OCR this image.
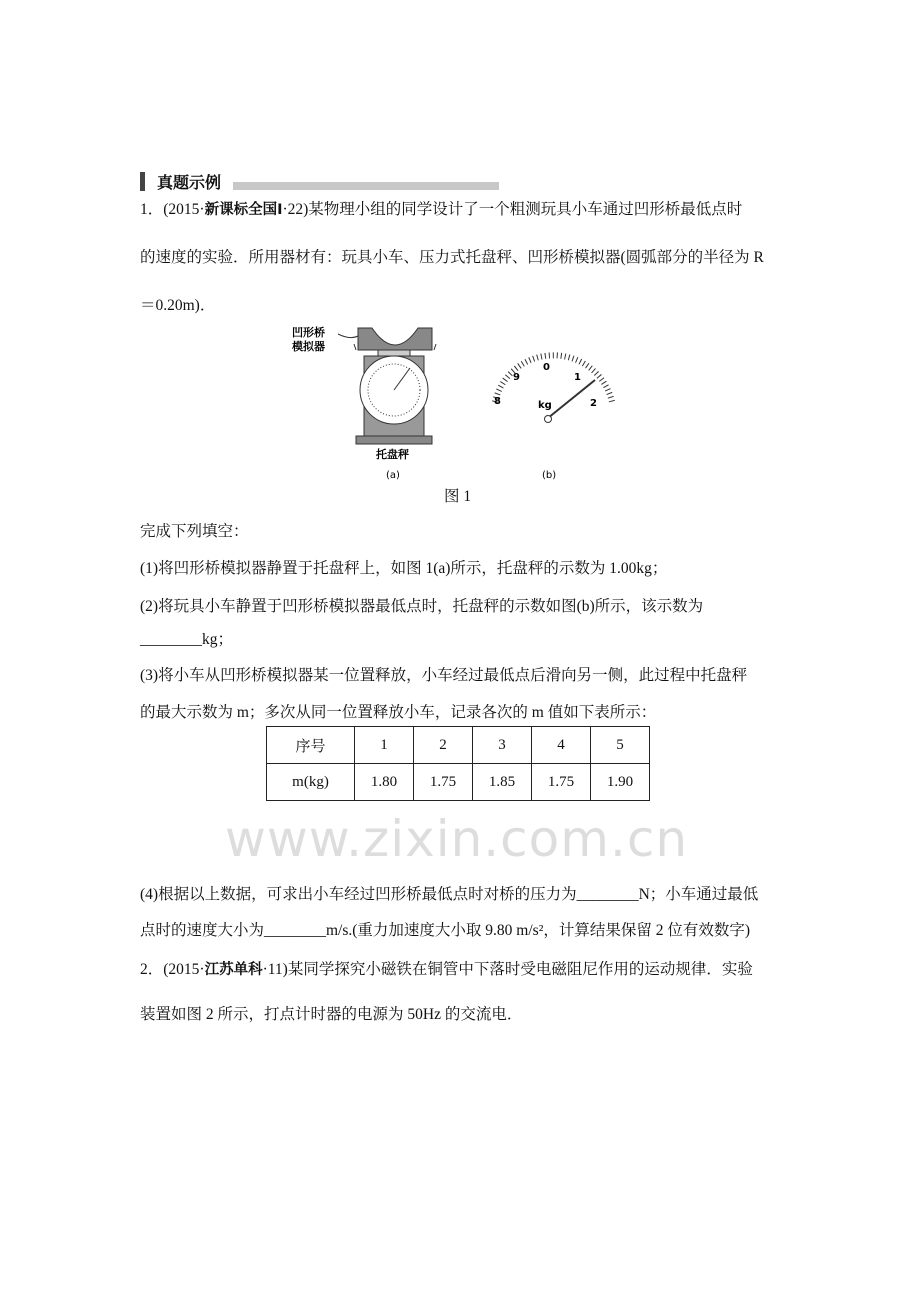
真题示例
1．(2015·新课标全国Ⅰ·22)某物理小组的同学设计了一个粗测玩具小车通过凹形桥最低点时
的速度的实验．所用器材有：玩具小车、压力式托盘秤、凹形桥模拟器(圆弧部分的半径为 R
＝0.20m)．
凹形桥
模拟器
托盘秤
(a)
8
9
0
1
2
kg
(b)
图 1
完成下列填空：
(1)将凹形桥模拟器静置于托盘秤上，如图 1(a)所示，托盘秤的示数为 1.00kg；
(2)将玩具小车静置于凹形桥模拟器最低点时，托盘秤的示数如图(b)所示，该示数为
________kg；
(3)将小车从凹形桥模拟器某一位置释放，小车经过最低点后滑向另一侧，此过程中托盘秤
的最大示数为 m；多次从同一位置释放小车，记录各次的 m 值如下表所示：
序号	1	2	3	4	5
m(kg)	1.80	1.75	1.85	1.75	1.90
www.zixin.com.cn
(4)根据以上数据，可求出小车经过凹形桥最低点时对桥的压力为________N；小车通过最低
点时的速度大小为________m/s.(重力加速度大小取 9.80 m/s²，计算结果保留 2 位有效数字)
2．(2015·江苏单科·11)某同学探究小磁铁在铜管中下落时受电磁阻尼作用的运动规律．实验
装置如图 2 所示，打点计时器的电源为 50Hz 的交流电．
